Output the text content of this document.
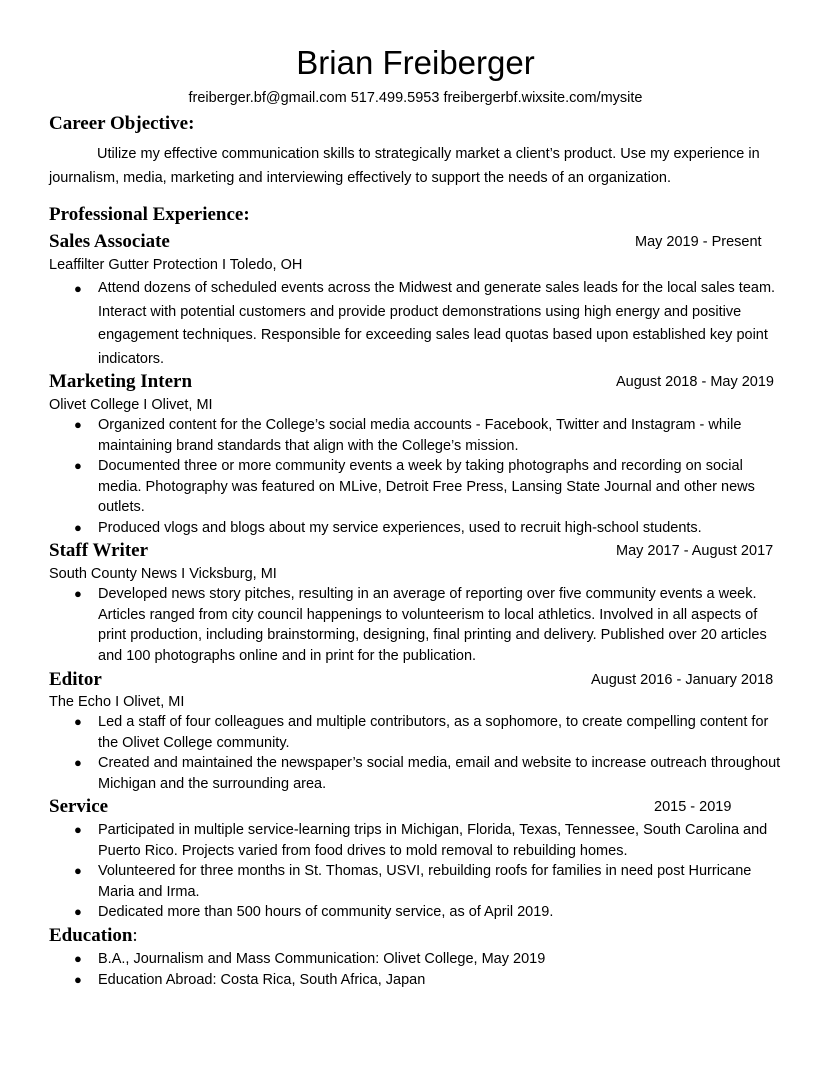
Brian Freiberger
freiberger.bf@gmail.com 517.499.5953 freibergerbf.wixsite.com/mysite
Career Objective:
Utilize my effective communication skills to strategically market a client’s product. Use my experience in journalism, media, marketing and interviewing effectively to support the needs of an organization.
Professional Experience:
Sales Associate	May 2019 - Present
Leaffilter Gutter Protection I Toledo, OH
● Attend dozens of scheduled events across the Midwest and generate sales leads for the local sales team. Interact with potential customers and provide product demonstrations using high energy and positive engagement techniques. Responsible for exceeding sales lead quotas based upon established key point indicators.
Marketing Intern	August 2018 - May 2019
Olivet College I Olivet, MI
● Organized content for the College’s social media accounts - Facebook, Twitter and Instagram - while maintaining brand standards that align with the College’s mission.
● Documented three or more community events a week by taking photographs and recording on social media. Photography was featured on MLive, Detroit Free Press, Lansing State Journal and other news outlets.
● Produced vlogs and blogs about my service experiences, used to recruit high-school students.
Staff Writer	May 2017 - August 2017
South County News I Vicksburg, MI
● Developed news story pitches, resulting in an average of reporting over five community events a week. Articles ranged from city council happenings to volunteerism to local athletics. Involved in all aspects of print production, including brainstorming, designing, final printing and delivery. Published over 20 articles and 100 photographs online and in print for the publication.
Editor	August 2016 - January 2018
The Echo I Olivet, MI
● Led a staff of four colleagues and multiple contributors, as a sophomore, to create compelling content for the Olivet College community.
● Created and maintained the newspaper’s social media, email and website to increase outreach throughout Michigan and the surrounding area.
Service	2015 - 2019
● Participated in multiple service-learning trips in Michigan, Florida, Texas, Tennessee, South Carolina and Puerto Rico. Projects varied from food drives to mold removal to rebuilding homes.
● Volunteered for three months in St. Thomas, USVI, rebuilding roofs for families in need post Hurricane Maria and Irma.
● Dedicated more than 500 hours of community service, as of April 2019.
Education:
● B.A., Journalism and Mass Communication: Olivet College, May 2019
● Education Abroad: Costa Rica, South Africa, Japan
